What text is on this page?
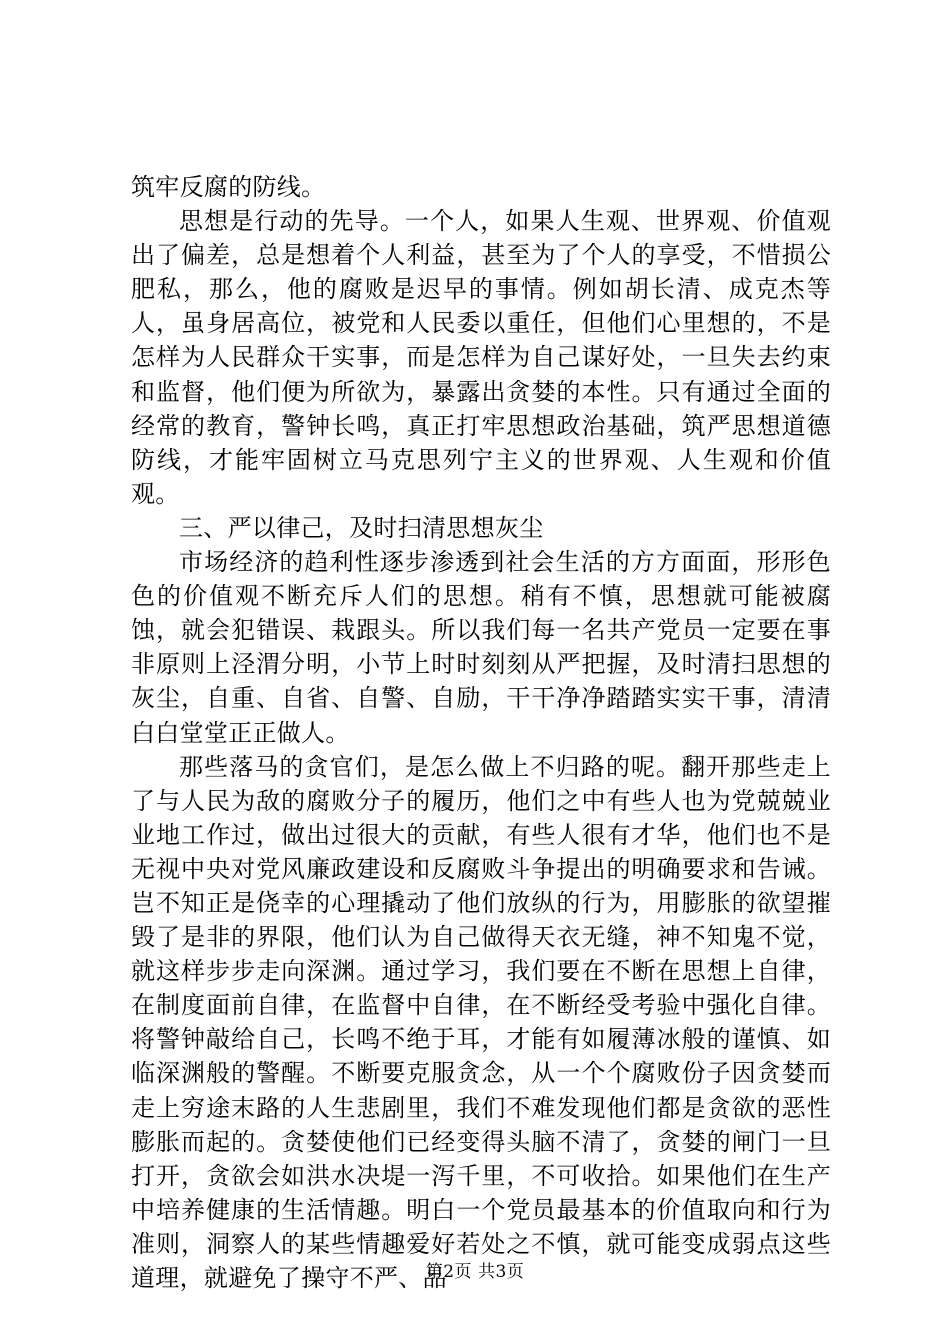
筑牢反腐的防线。

思想是行动的先导。一个人，如果人生观、世界观、价值观出了偏差，总是想着个人利益，甚至为了个人的享受，不惜损公肥私，那么，他的腐败是迟早的事情。例如胡长清、成克杰等人，虽身居高位，被党和人民委以重任，但他们心里想的，不是怎样为人民群众干实事，而是怎样为自己谋好处，一旦失去约束和监督，他们便为所欲为，暴露出贪婪的本性。只有通过全面的经常的教育，警钟长鸣，真正打牢思想政治基础，筑严思想道德防线，才能牢固树立马克思列宁主义的世界观、人生观和价值观。

三、严以律己，及时扫清思想灰尘

市场经济的趋利性逐步渗透到社会生活的方方面面，形形色色的价值观不断充斥人们的思想。稍有不慎，思想就可能被腐蚀，就会犯错误、栽跟头。所以我们每一名共产党员一定要在事非原则上泾渭分明，小节上时时刻刻从严把握，及时清扫思想的灰尘，自重、自省、自警、自励，干干净净踏踏实实干事，清清白白堂堂正正做人。

那些落马的贪官们，是怎么做上不归路的呢。翻开那些走上了与人民为敌的腐败分子的履历，他们之中有些人也为党兢兢业业地工作过，做出过很大的贡献，有些人很有才华，他们也不是无视中央对党风廉政建设和反腐败斗争提出的明确要求和告诫。岂不知正是侥幸的心理撬动了他们放纵的行为，用膨胀的欲望摧毁了是非的界限，他们认为自己做得天衣无缝，神不知鬼不觉，就这样步步走向深渊。通过学习，我们要在不断在思想上自律，在制度面前自律，在监督中自律，在不断经受考验中强化自律。将警钟敲给自己，长鸣不绝于耳，才能有如履薄冰般的谨慎、如临深渊般的警醒。不断要克服贪念，从一个个腐败份子因贪婪而走上穷途末路的人生悲剧里，我们不难发现他们都是贪欲的恶性膨胀而起的。贪婪使他们已经变得头脑不清了，贪婪的闸门一旦打开，贪欲会如洪水决堤一泻千里，不可收拾。如果他们在生产中培养健康的生活情趣。明白一个党员最基本的价值取向和行为准则，洞察人的某些情趣爱好若处之不慎，就可能变成弱点这些道理，就避免了操守不严、品

第2页 共3页
